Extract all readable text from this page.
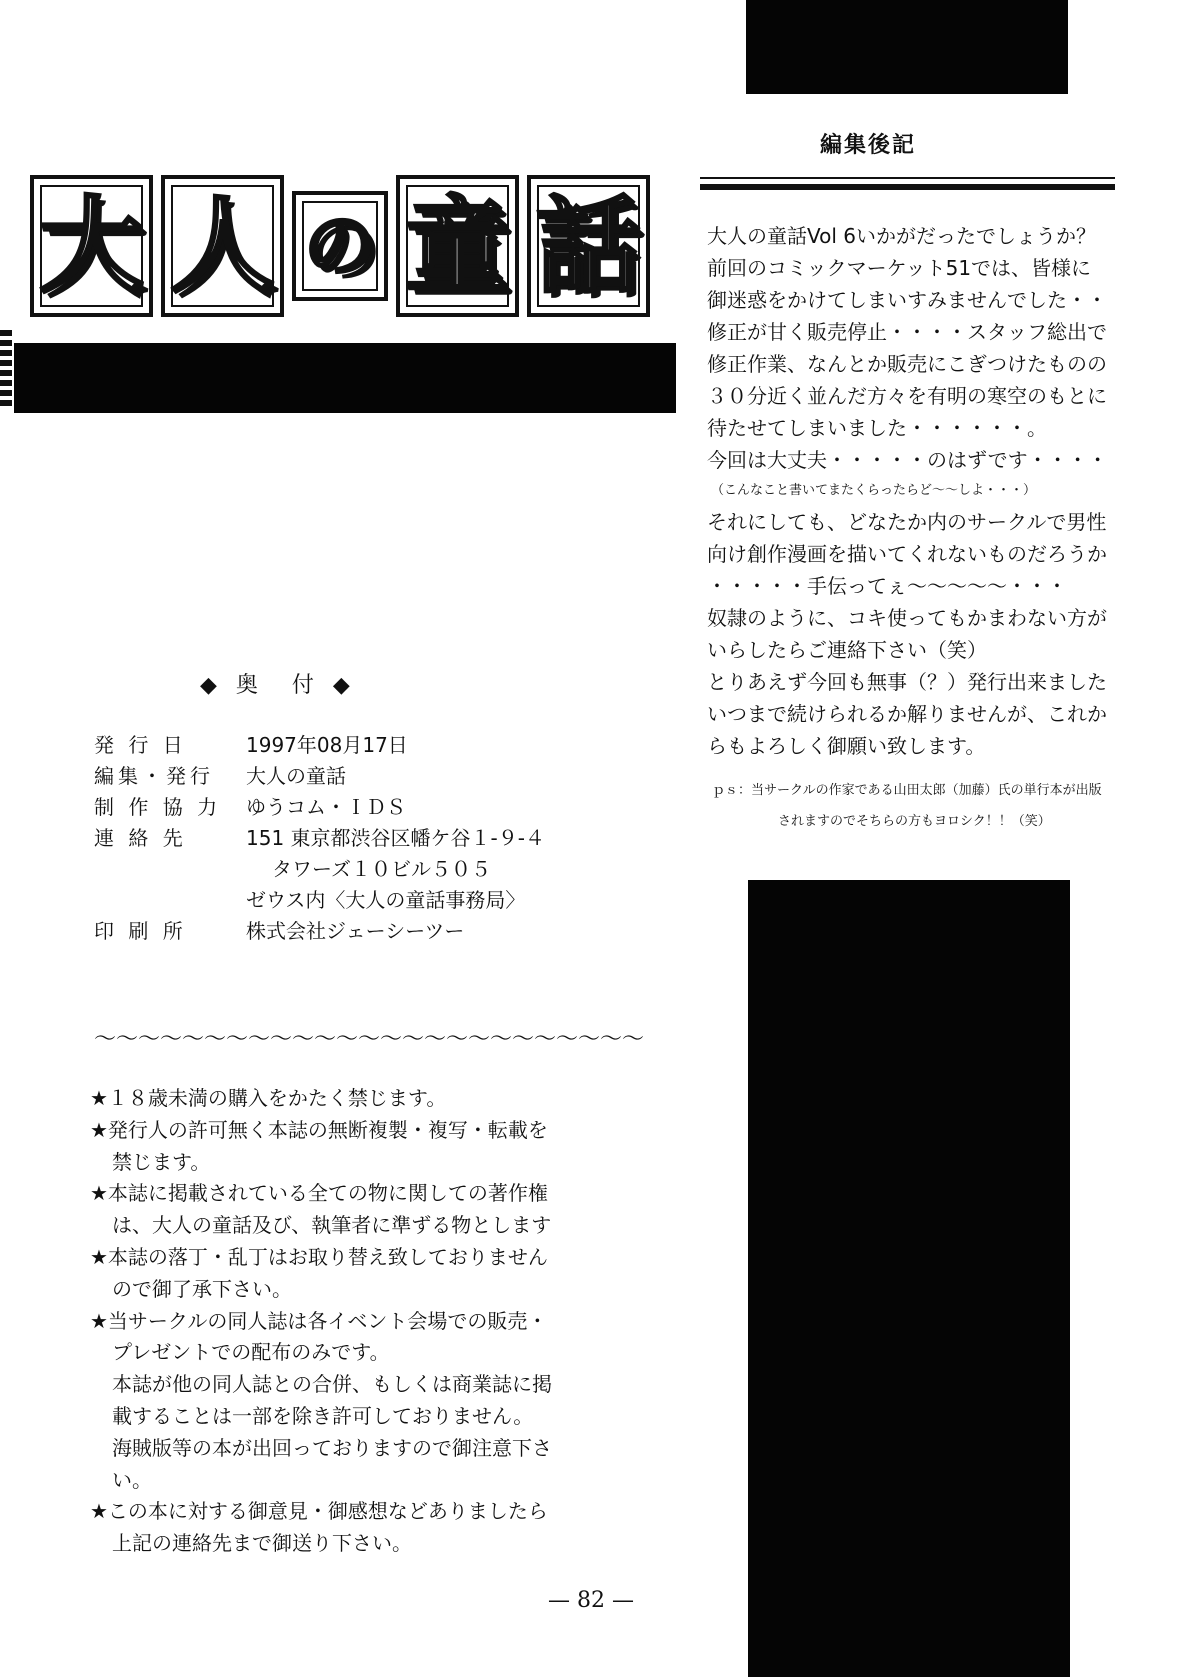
大 人 の 童 話
◆ 奥　付 ◆
発 行 日	1997年08月17日
編集・発行	大人の童話
制 作 協 力	ゆうコム・ＩＤＳ
連 絡 先	151 東京都渋谷区幡ケ谷１-９-４
タワーズ１０ビル５０５
ゼウス内〈大人の童話事務局〉
印 刷 所	株式会社ジェーシーツー
〜〜〜〜〜〜〜〜〜〜〜〜〜〜〜〜〜〜〜〜〜〜〜〜〜
★１８歳未満の購入をかたく禁じます。
★発行人の許可無く本誌の無断複製・複写・転載を
禁じます。
★本誌に掲載されている全ての物に関しての著作権
は、大人の童話及び、執筆者に準ずる物とします
★本誌の落丁・乱丁はお取り替え致しておりません
ので御了承下さい。
★当サークルの同人誌は各イベント会場での販売・
プレゼントでの配布のみです。
本誌が他の同人誌との合併、もしくは商業誌に掲
載することは一部を除き許可しておりません。
海賊版等の本が出回っておりますので御注意下さ
い。
★この本に対する御意見・御感想などありましたら
上記の連絡先まで御送り下さい。
— 82 —
編集後記
大人の童話Vol 6いかがだったでしょうか？
前回のコミックマーケット51では、皆様に
御迷惑をかけてしまいすみませんでした・・
修正が甘く販売停止・・・・スタッフ総出で
修正作業、なんとか販売にこぎつけたものの
３０分近く並んだ方々を有明の寒空のもとに
待たせてしまいました・・・・・・。
今回は大丈夫・・・・・のはずです・・・・
（こんなこと書いてまたくらったらど〜〜しよ・・・）
それにしても、どなたか内のサークルで男性
向け創作漫画を描いてくれないものだろうか
・・・・・手伝ってぇ〜〜〜〜〜・・・
奴隷のように、コキ使ってもかまわない方が
いらしたらご連絡下さい（笑）
とりあえず今回も無事（？）発行出来ました
いつまで続けられるか解りませんが、これか
らもよろしく御願い致します。
ｐｓ：当サークルの作家である山田太郎（加藤）氏の単行本が出版
されますのでそちらの方もヨロシク！！（笑）
